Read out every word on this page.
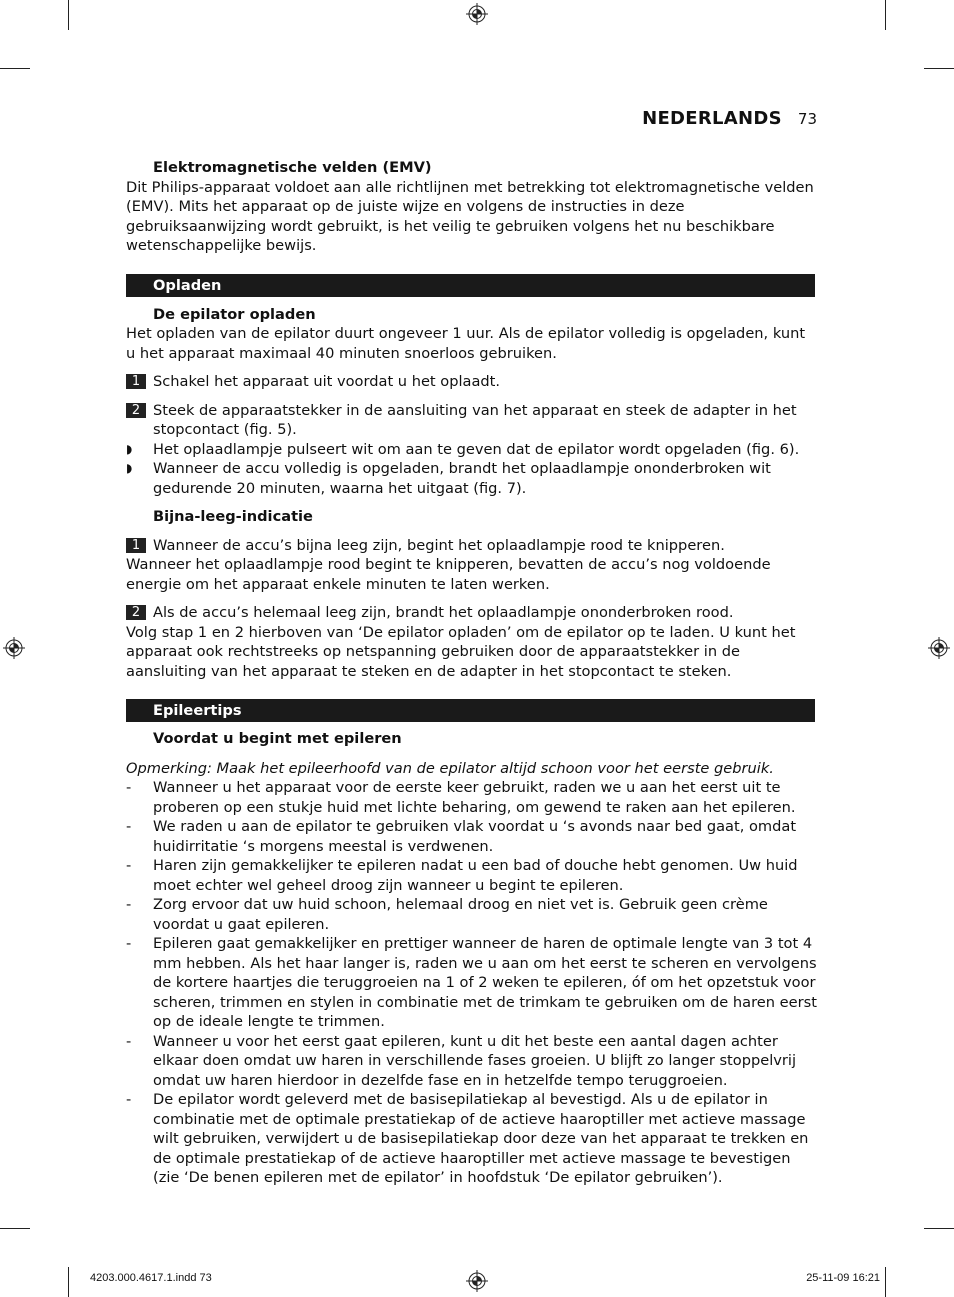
NEDERLANDS 73

Elektromagnetische velden (EMV)

Dit Philips-apparaat voldoet aan alle richtlijnen met betrekking tot elektromagnetische velden (EMV). Mits het apparaat op de juiste wijze en volgens de instructies in deze gebruiksaanwijzing wordt gebruikt, is het veilig te gebruiken volgens het nu beschikbare wetenschappelijke bewijs.

Opladen

De epilator opladen

Het opladen van de epilator duurt ongeveer 1 uur. Als de epilator volledig is opgeladen, kunt u het apparaat maximaal 40 minuten snoerloos gebruiken.

1 Schakel het apparaat uit voordat u het oplaadt.
2 Steek de apparaatstekker in de aansluiting van het apparaat en steek de adapter in het stopcontact (fig. 5).
◗	Het oplaadlampje pulseert wit om aan te geven dat de epilator wordt opgeladen (fig. 6).
◗	Wanneer de accu volledig is opgeladen, brandt het oplaadlampje ononderbroken wit gedurende 20 minuten, waarna het uitgaat (fig. 7).

Bijna-leeg-indicatie

1 Wanneer de accu’s bijna leeg zijn, begint het oplaadlampje rood te knipperen.

Wanneer het oplaadlampje rood begint te knipperen, bevatten de accu’s nog voldoende energie om het apparaat enkele minuten te laten werken.

2 Als de accu’s helemaal leeg zijn, brandt het oplaadlampje ononderbroken rood.

Volg stap 1 en 2 hierboven van ‘De epilator opladen’ om de epilator op te laden. U kunt het apparaat ook rechtstreeks op netspanning gebruiken door de apparaatstekker in de aansluiting van het apparaat te steken en de adapter in het stopcontact te steken.

Epileertips

Voordat u begint met epileren

Opmerking: Maak het epileerhoofd van de epilator altijd schoon voor het eerste gebruik.

-	Wanneer u het apparaat voor de eerste keer gebruikt, raden we u aan het eerst uit te proberen op een stukje huid met lichte beharing, om gewend te raken aan het epileren.
-	We raden u aan de epilator te gebruiken vlak voordat u ‘s avonds naar bed gaat, omdat huidirritatie ‘s morgens meestal is verdwenen.
-	Haren zijn gemakkelijker te epileren nadat u een bad of douche hebt genomen. Uw huid moet echter wel geheel droog zijn wanneer u begint te epileren.
-	Zorg ervoor dat uw huid schoon, helemaal droog en niet vet is. Gebruik geen crème voordat u gaat epileren.
-	Epileren gaat gemakkelijker en prettiger wanneer de haren de optimale lengte van 3 tot 4 mm hebben. Als het haar langer is, raden we u aan om het eerst te scheren en vervolgens de kortere haartjes die teruggroeien na 1 of 2 weken te epileren, óf om het opzetstuk voor scheren, trimmen en stylen in combinatie met de trimkam te gebruiken om de haren eerst op de ideale lengte te trimmen.
-	Wanneer u voor het eerst gaat epileren, kunt u dit het beste een aantal dagen achter elkaar doen omdat uw haren in verschillende fases groeien. U blijft zo langer stoppelvrij omdat uw haren hierdoor in dezelfde fase en in hetzelfde tempo teruggroeien.
-	De epilator wordt geleverd met de basisepilatiekap al bevestigd. Als u de epilator in combinatie met de optimale prestatiekap of de actieve haaroptiller met actieve massage wilt gebruiken, verwijdert u de basisepilatiekap door deze van het apparaat te trekken en de optimale prestatiekap of de actieve haaroptiller met actieve massage te bevestigen (zie ‘De benen epileren met de epilator’ in hoofdstuk ‘De epilator gebruiken’).
4203.000.4617.1.indd 73	25-11-09 16:21
